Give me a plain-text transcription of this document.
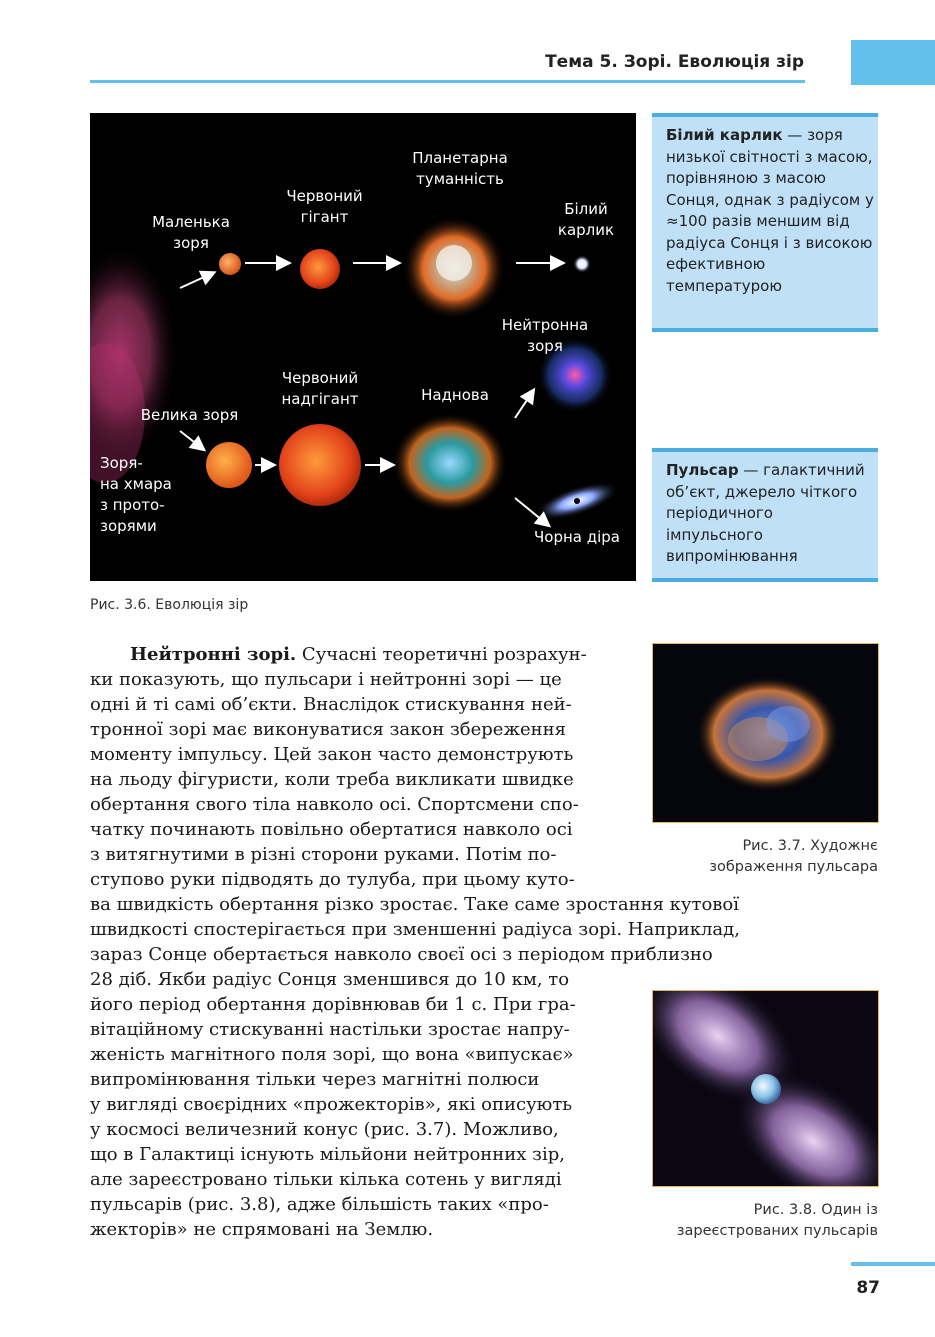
Тема 5. Зорі. Еволюція зір
Маленька
зоря
Червоний
гігант
Планетарна
туманність
Білий
карлик
Нейтронна
зоря
Червоний
надгігант	Наднова
Велика зоря
Зоря-
на хмара
з прото-
зорями
Чорна діра
Рис. 3.6. Еволюція зір
Білий карлик — зоря низької світності з масою, порівняною з масою Сонця, однак з радіусом у ≈100 разів меншим від радіуса Сонця і з високою ефективною температурою
Пульсар — галактичний об’єкт, джерело чіткого періодичного імпульсного випромінювання
Нейтронні зорі. Сучасні теоретичні розрахун-
ки показують, що пульсари і нейтронні зорі — це
одні й ті самі об’єкти. Внаслідок стискування ней-
тронної зорі має виконуватися закон збереження
моменту імпульсу. Цей закон часто демонструють
на льоду фігуристи, коли треба викликати швидке
обертання свого тіла навколо осі. Спортсмени спо-
чатку починають повільно обертатися навколо осі
з витягнутими в різні сторони руками. Потім по-
ступово руки підводять до тулуба, при цьому куто-
ва швидкість обертання різко зростає. Таке саме зростання кутової
швидкості спостерігається при зменшенні радіуса зорі. Наприклад,
зараз Сонце обертається навколо своєї осі з періодом приблизно
28 діб. Якби радіус Сонця зменшився до 10 км, то
його період обертання дорівнював би 1 с. При гра-
вітаційному стискуванні настільки зростає напру-
женість магнітного поля зорі, що вона «випускає»
випромінювання тільки через магнітні полюси
у вигляді своєрідних «прожекторів», які описують
у космосі величезний конус (рис. 3.7). Можливо,
що в Галактиці існують мільйони нейтронних зір,
але зареєстровано тільки кілька сотень у вигляді
пульсарів (рис. 3.8), адже більшість таких «про-
жекторів» не спрямовані на Землю.
Рис. 3.7. Художнє
зображення пульсара
Рис. 3.8. Один із
зареєстрованих пульсарів
87
